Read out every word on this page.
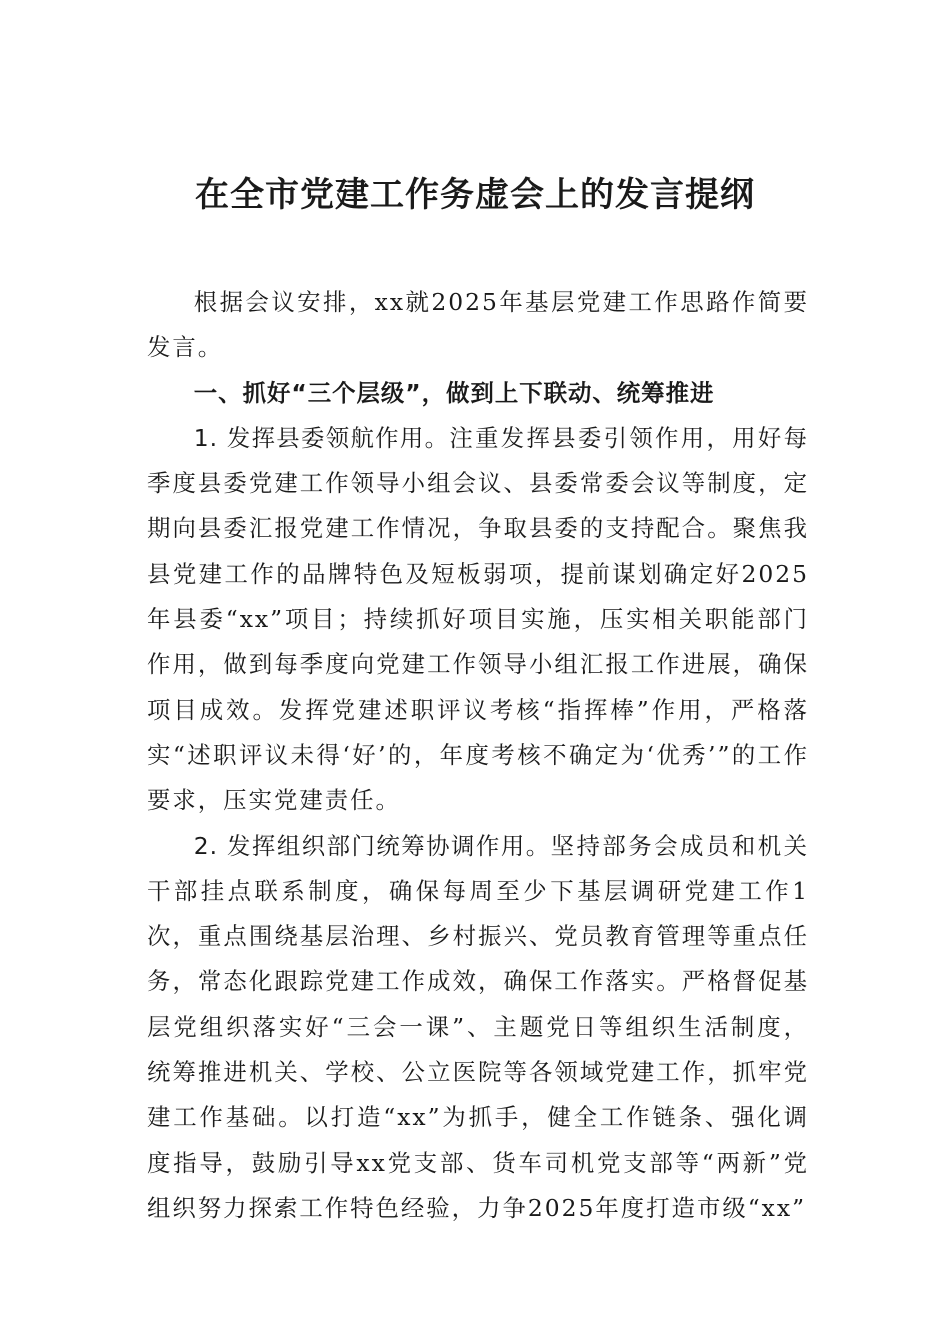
在全市党建工作务虚会上的发言提纲

根据会议安排，xx就2025年基层党建工作思路作简要发言。

一、抓好“三个层级”，做到上下联动、统筹推进

1. 发挥县委领航作用。注重发挥县委引领作用，用好每季度县委党建工作领导小组会议、县委常委会议等制度，定期向县委汇报党建工作情况，争取县委的支持配合。聚焦我县党建工作的品牌特色及短板弱项，提前谋划确定好2025年县委“xx”项目；持续抓好项目实施，压实相关职能部门作用，做到每季度向党建工作领导小组汇报工作进展，确保项目成效。发挥党建述职评议考核“指挥棒”作用，严格落实“述职评议未得‘好’的，年度考核不确定为‘优秀’”的工作要求，压实党建责任。

2. 发挥组织部门统筹协调作用。坚持部务会成员和机关干部挂点联系制度，确保每周至少下基层调研党建工作1次，重点围绕基层治理、乡村振兴、党员教育管理等重点任务，常态化跟踪党建工作成效，确保工作落实。严格督促基层党组织落实好“三会一课”、主题党日等组织生活制度，统筹推进机关、学校、公立医院等各领域党建工作，抓牢党建工作基础。以打造“xx”为抓手，健全工作链条、强化调度指导，鼓励引导xx党支部、货车司机党支部等“两新”党组织努力探索工作特色经验，力争2025年度打造市级“xx”
